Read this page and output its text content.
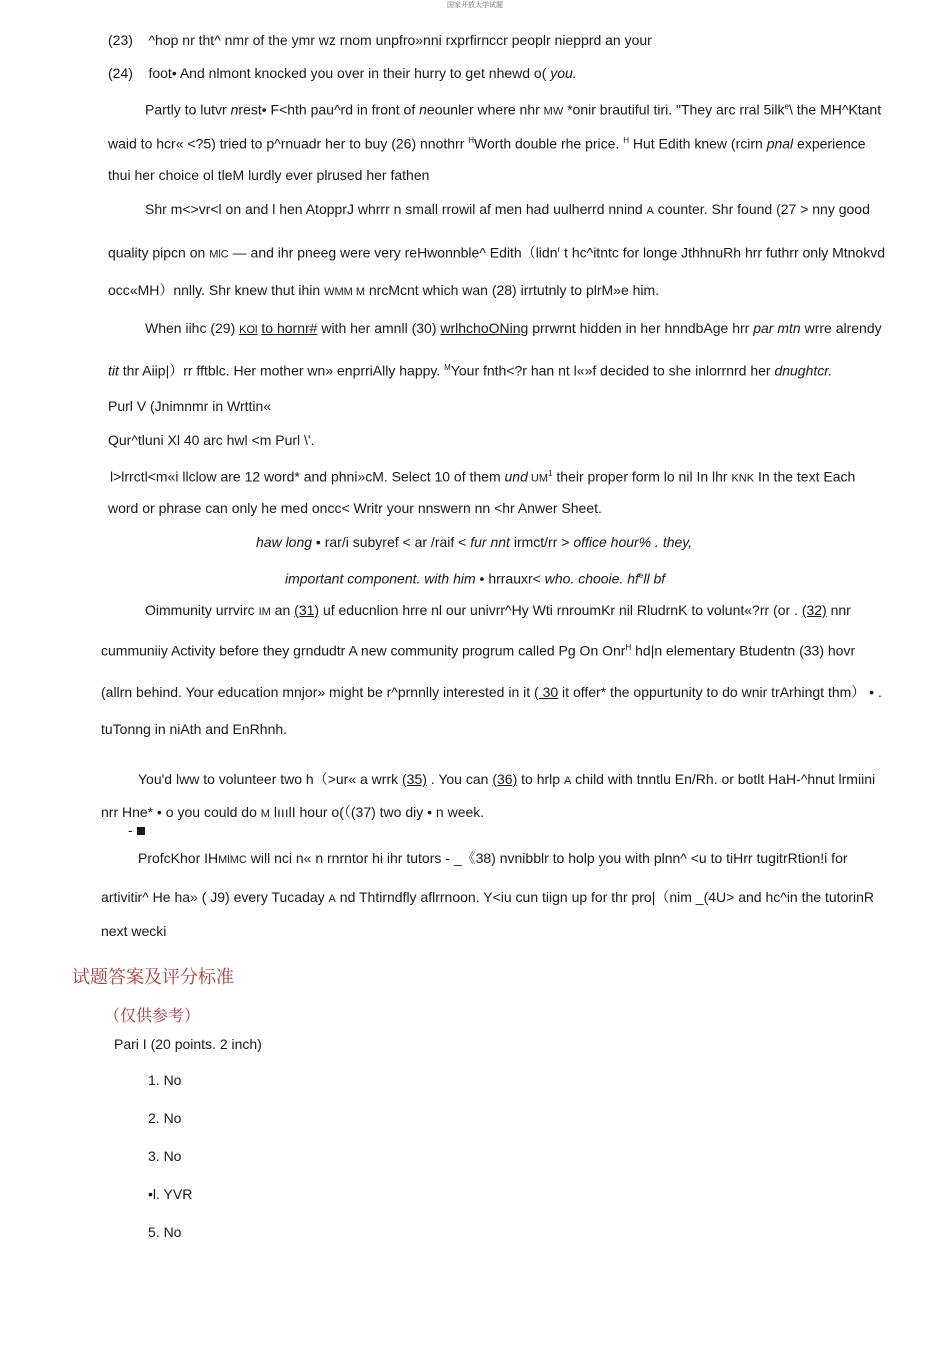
国家开放大学试题
(23) ^hop nr tht^ nmr of the ymr wz rnom unpfro»nni rxprfirnccr peoplr niepprd an your
(24) foot• And nlmont knocked you over in their hurry to get nhewd o( you.
Partly to lutvr nrest• F<hth pau^rd in front of neounler where nhr MW *onir brautiful tiri. "They arc rral 5ilk$^e$\ the MH^Ktant
waid to hcr« <?5) tried to p^rnuadr her to buy (26) nnothrr $^H$Worth double rhe price. $^H$ Hut Edith knew (rcirn pnal experience
thui her choice ol tleM lurdly ever plrused her fathen
Shr m<>vr<l on and l hen AtopprJ whrrr n small rrowil af men had uulherrd nnind A counter. Shr found (27 > nny good
quality pipcn on MlC — and ihr pneeg were very reHwonnble^ Edith（lidn$^r$ t hc^itntc for longe JthhnuRh hrr futhrr only Mtnokvd
occ«MH）nnlly. Shr knew thut ihin WMM M nrcMcnt which wan (28) irrtutnly to plrM»e him.
When iihc (29) KOl to hornr# with her amnll (30) wrlhchoONing prrwrnt hidden in her hnndbAge hrr par mtn wrre alrendy
tit thr Aiip|）rr fftblc. Her mother wn» enprriAlly happy. $^M$Your fnth<?r han nt l«»f decided to she inlorrnrd her dnughtcr.
Purl V (Jnimnmr in Wrttin«
Qur^tluni Xl 40 arc hwl <m Purl \'.
l>lrrctl<m«i llclow are 12 word* and phni»cM. Select 10 of them und $UM^1$ their proper form lo nil In lhr KNK In the text Each
word or phrase can only he med oncc< Writr your nnswern nn <hr Anwer Sheet.
haw long • rar/i subyref < ar /raif < fur nnt irmct/rr > office hour% . they,
important component. with him • hrrauxr< who. chooie. $hf^ell$ bf
Oimmunity urrvirc IM an (31) uf educnlion hrre nl our univrr^Hy Wti rnroumKr nil RludrnK to volunt«?rr (or . (32) nnr
cummuniiy Activity before they grndudtr A new community progrum called Pg On Onr$^H$ hd|n elementary Btudentn (33) hovr
(allrn behind. Your education mnjor» might be r^prnnlly interested in it ( 30 it offer* the oppurtunity to do wnir trArhingt thm） • .
tuTonng in niAth and EnRhnh.
You'd lww to volunteer two h（>ur« a wrrk (35) . You can (36) to hrlp A child with tnntlu En/Rh. or botlt HaH-^hnut lrmiini
nrr Hne* • o you could do M lııılI hour o(（(37) two diy • n week.
-
ProfcKhor IHMlMC will nci n« n rnrntor hi ihr tutors - _《38) nvnibblr to holp you with plnn^ <u to tiHrr tugitrRtion!i for
artivitir^ He ha» ( J9) every Tucaday A nd Thtirndfly aflrrnoon. Y<iu cun tiign up for thr pro|（nim _(4U> and hc^in the tutorinR
next wecki
试题答案及评分标准
（仅供参考）
Pari I (20 points. 2 inch)
1. No
2. No
3. No
•l. YVR
5. No
